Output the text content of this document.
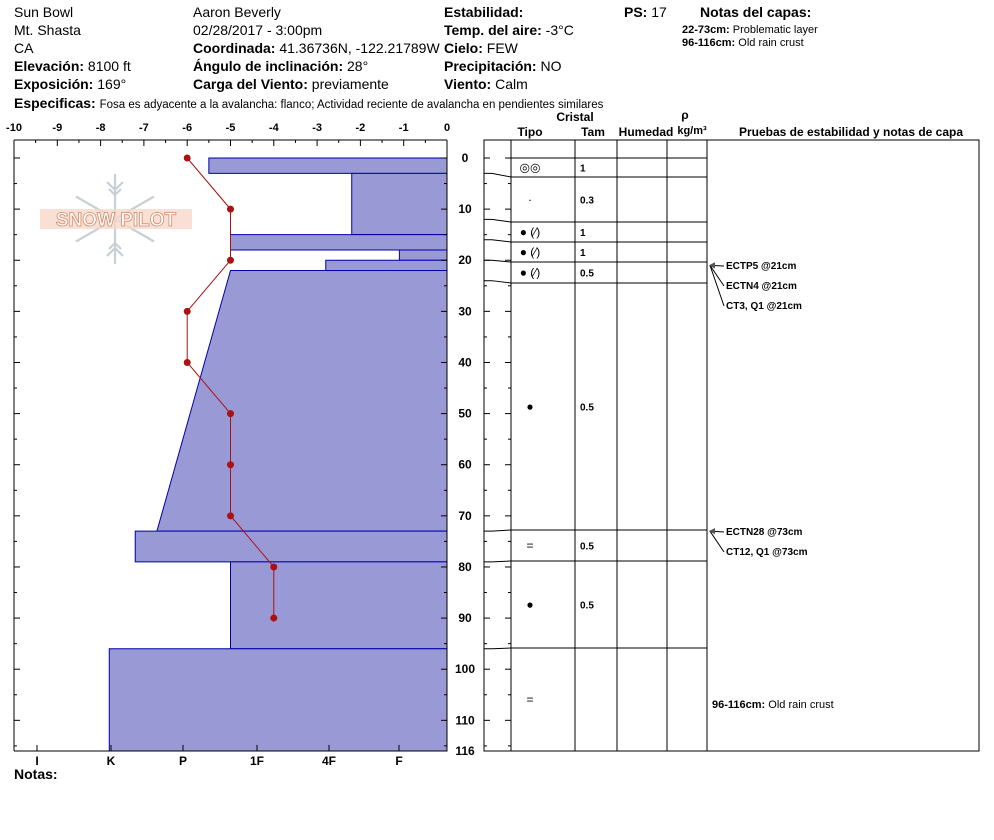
Sun Bowl
Mt. Shasta
CA
Elevación: 8100 ft
Exposición: 169°
Aaron Beverly
02/28/2017 - 3:00pm
Coordinada: 41.36736N, -122.21789W
Ángulo de inclinación: 28°
Carga del Viento: previamente
Estabilidad:
Temp. del aire: -3°C
Cielo: FEW
Precipitación: NO
Viento: Calm
PS: 17 Notas del capas:
22-73cm: Problematic layer
96-116cm: Old rain crust
Especificas: Fosa es adyacente a la avalancha: flanco; Actividad reciente de avalancha en pendientes similares
Notas:
SNOW PILOT
-10	-9	-8	-7	-6	-5	-4	-3	-2	-1	0
I	K	P	1F	4F	F
0
10
20
30
40
50
60
70
80
90
100
110
116
Cristal
Tipo	Tam Humedad
ρ
kg/m³	Pruebas de estabilidad y notas de capa
◎◎	1
·	0.3
● (⁄)	1
● (⁄)	1
● (⁄)	0.5
●	0.5
=	0.5
●	0.5
=
ECTP5 @21cm
ECTN4 @21cm
CT3, Q1 @21cm
ECTN28 @73cm
CT12, Q1 @73cm
96-116cm: Old rain crust
